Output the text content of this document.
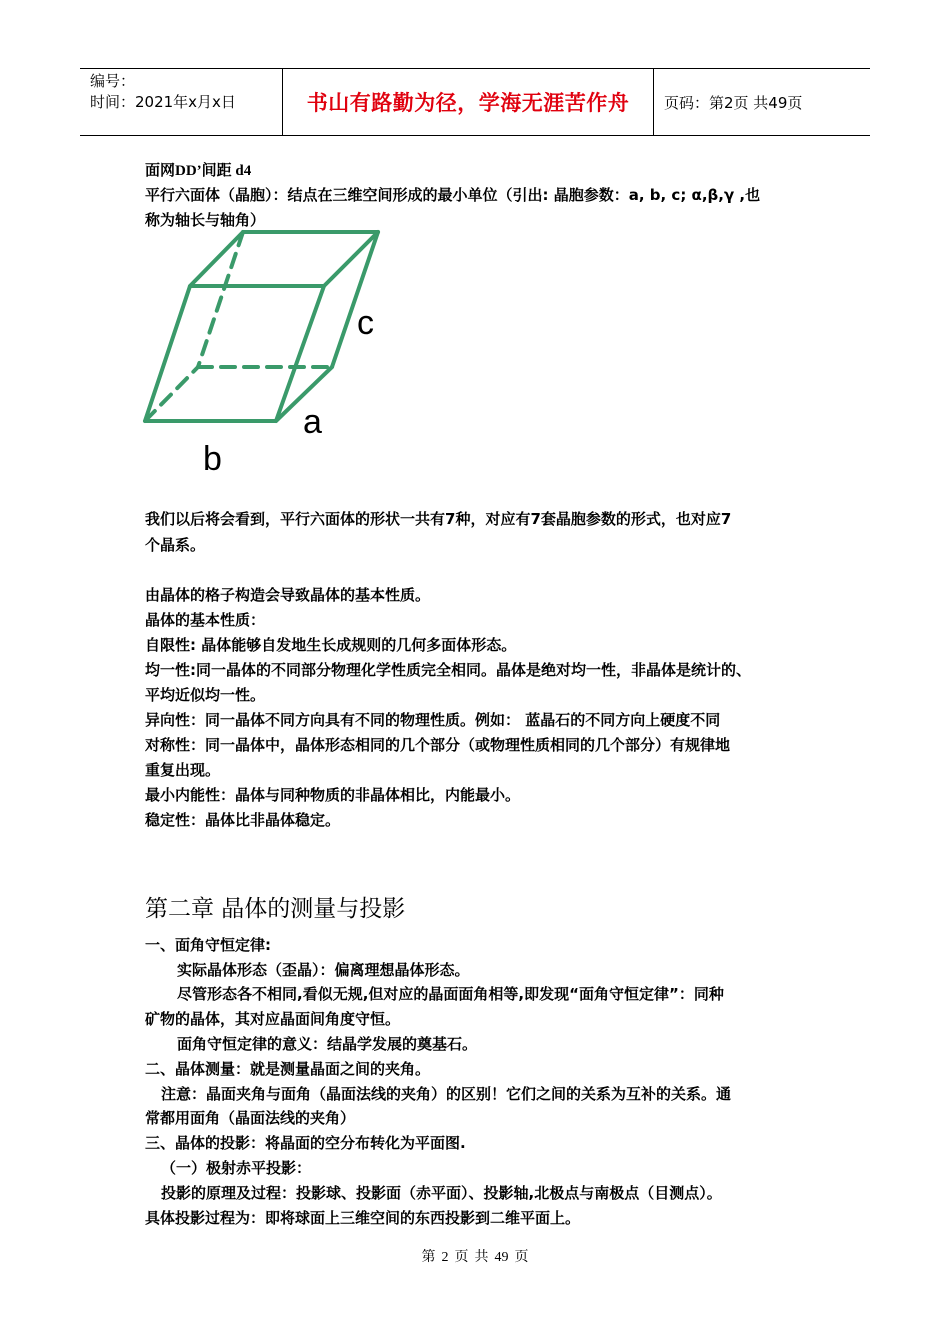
编号：
时间：2021年x月x日	书山有路勤为径，学海无涯苦作舟 页码：第2页 共49页
面网DD’间距 d4
平行六面体（晶胞）：结点在三维空间形成的最小单位（引出: 晶胞参数：a, b, c; α,β,γ ,也
称为轴长与轴角）
c
a
b
我们以后将会看到，平行六面体的形状一共有7种，对应有7套晶胞参数的形式，也对应7
个晶系。
由晶体的格子构造会导致晶体的基本性质。
晶体的基本性质：
自限性: 晶体能够自发地生长成规则的几何多面体形态。
均一性:同一晶体的不同部分物理化学性质完全相同。晶体是绝对均一性，非晶体是统计的、
平均近似均一性。
异向性：同一晶体不同方向具有不同的物理性质。例如： 蓝晶石的不同方向上硬度不同
对称性：同一晶体中，晶体形态相同的几个部分（或物理性质相同的几个部分）有规律地
重复出现。
最小内能性：晶体与同种物质的非晶体相比，内能最小。
稳定性：晶体比非晶体稳定。
第二章 晶体的测量与投影
一、面角守恒定律:
实际晶体形态（歪晶）：偏离理想晶体形态。
尽管形态各不相同,看似无规,但对应的晶面面角相等,即发现“面角守恒定律”：同种
矿物的晶体，其对应晶面间角度守恒。
面角守恒定律的意义：结晶学发展的奠基石。
二、晶体测量：就是测量晶面之间的夹角。
注意：晶面夹角与面角（晶面法线的夹角）的区别！它们之间的关系为互补的关系。通
常都用面角（晶面法线的夹角）
三、晶体的投影：将晶面的空分布转化为平面图.
（一）极射赤平投影：
投影的原理及过程：投影球、投影面（赤平面）、投影轴,北极点与南极点（目测点）。
具体投影过程为：即将球面上三维空间的东西投影到二维平面上。
第 2 页 共 49 页
